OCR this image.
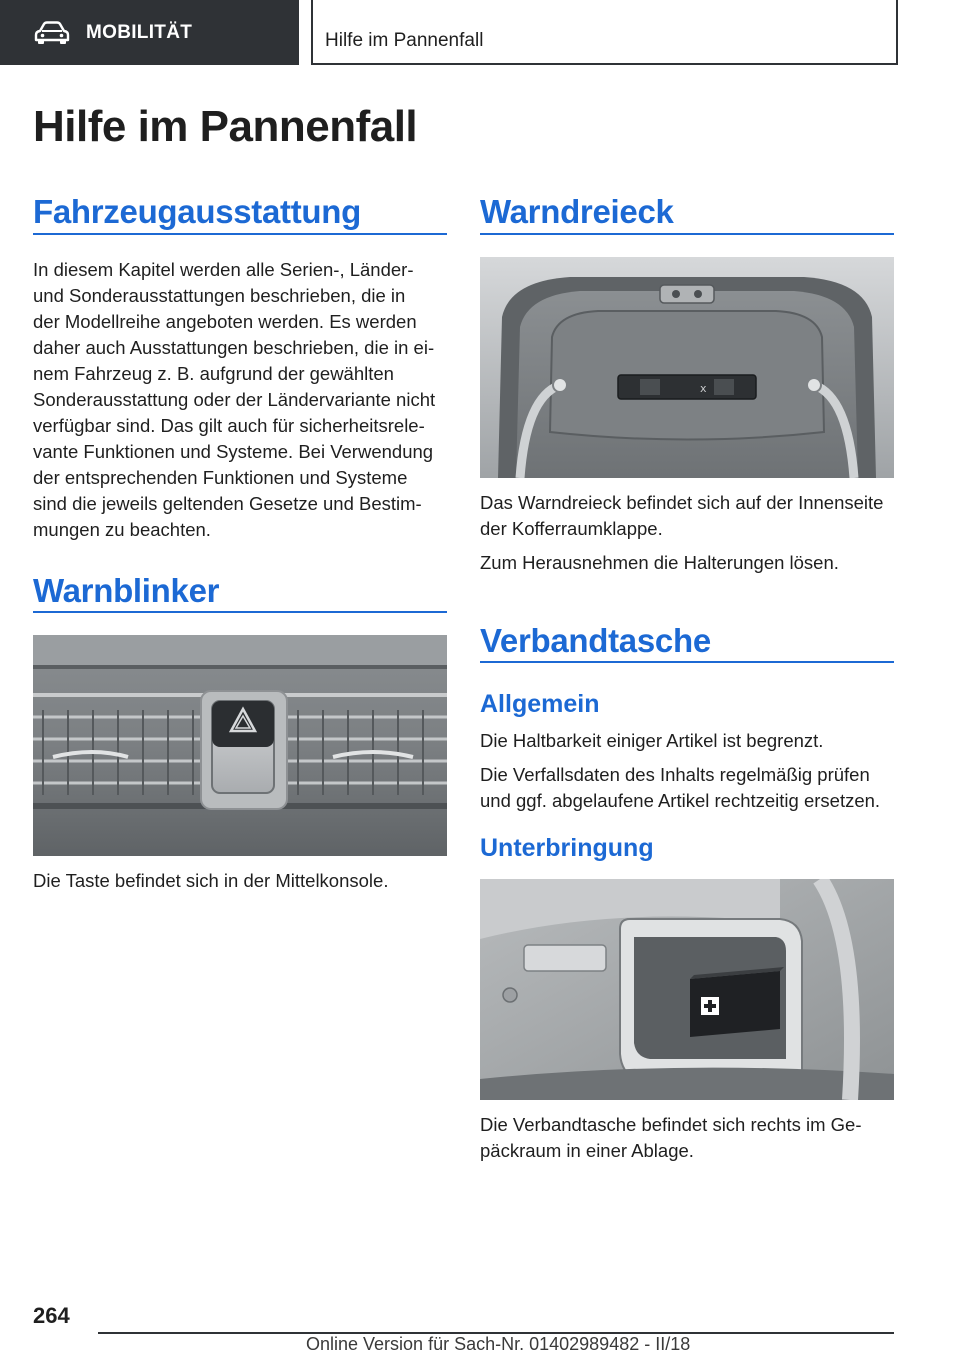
MOBILITÄT	Hilfe im Pannenfall
Hilfe im Pannenfall
Fahrzeugausstattung

In diesem Kapitel werden alle Serien-, Länder-

und Sonderausstattungen beschrieben, die in

der Modellreihe angeboten werden. Es werden

daher auch Ausstattungen beschrieben, die in ei-

nem Fahrzeug z. B. aufgrund der gewählten

Sonderausstattung oder der Ländervariante nicht

verfügbar sind. Das gilt auch für sicherheitsrele-

vante Funktionen und Systeme. Bei Verwendung

der entsprechenden Funktionen und Systeme

sind die jeweils geltenden Gesetze und Bestim-

mungen zu beachten.

Warnblinker

Die Taste befindet sich in der Mittelkonsole.

Warndreieck
x

Das Warndreieck befindet sich auf der Innenseite

der Kofferraumklappe.

Zum Herausnehmen die Halterungen lösen.

Verbandtasche
Allgemein

Die Haltbarkeit einiger Artikel ist begrenzt.

Die Verfallsdaten des Inhalts regelmäßig prüfen

und ggf. abgelaufene Artikel rechtzeitig ersetzen.

Unterbringung

Die Verbandtasche befindet sich rechts im Ge-

päckraum in einer Ablage.

264
Online Version für Sach-Nr. 01402989482 - II/18
